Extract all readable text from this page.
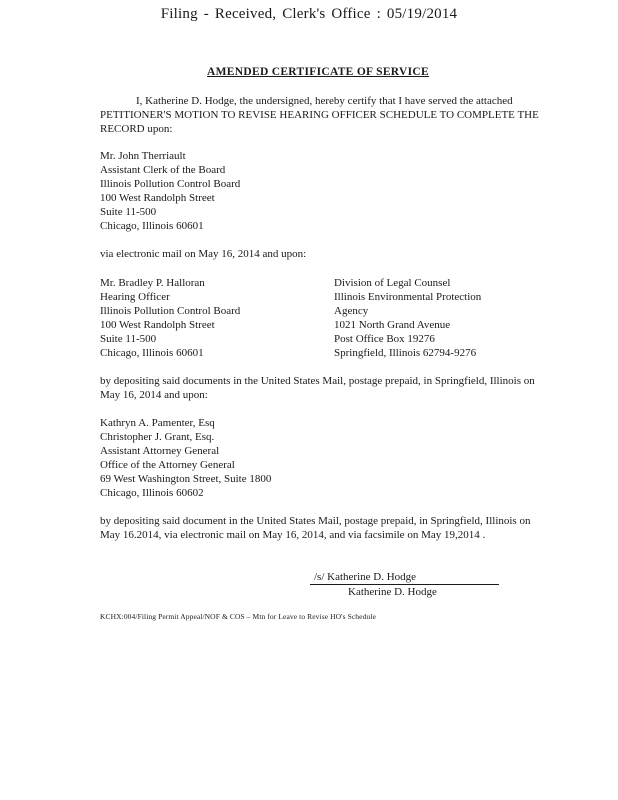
Filing - Received, Clerk's Office : 05/19/2014
AMENDED CERTIFICATE OF SERVICE
I, Katherine D. Hodge, the undersigned, hereby certify that I have served the attached PETITIONER'S MOTION TO REVISE HEARING OFFICER SCHEDULE TO COMPLETE THE RECORD upon:
Mr. John Therriault
Assistant Clerk of the Board
Illinois Pollution Control Board
100 West Randolph Street
Suite 11-500
Chicago, Illinois 60601
via electronic mail on May 16, 2014 and upon:
Mr. Bradley P. Halloran
Hearing Officer
Illinois Pollution Control Board
100 West Randolph Street
Suite 11-500
Chicago, Illinois 60601
Division of Legal Counsel
Illinois Environmental Protection
Agency
1021 North Grand Avenue
Post Office Box 19276
Springfield, Illinois 62794-9276
by depositing said documents in the United States Mail, postage prepaid, in Springfield, Illinois on May 16, 2014 and upon:
Kathryn A. Pamenter, Esq
Christopher J. Grant, Esq.
Assistant Attorney General
Office of the Attorney General
69 West Washington Street, Suite 1800
Chicago, Illinois 60602
by depositing said document in the United States Mail, postage prepaid, in Springfield, Illinois on May 16.2014, via electronic mail on May 16, 2014, and via facsimile on May 19,2014 .
/s/ Katherine D. Hodge
Katherine D. Hodge
KCHX:004/Filing Permit Appeal/NOF & COS – Mtn for Leave to Revise HO's Schedule
